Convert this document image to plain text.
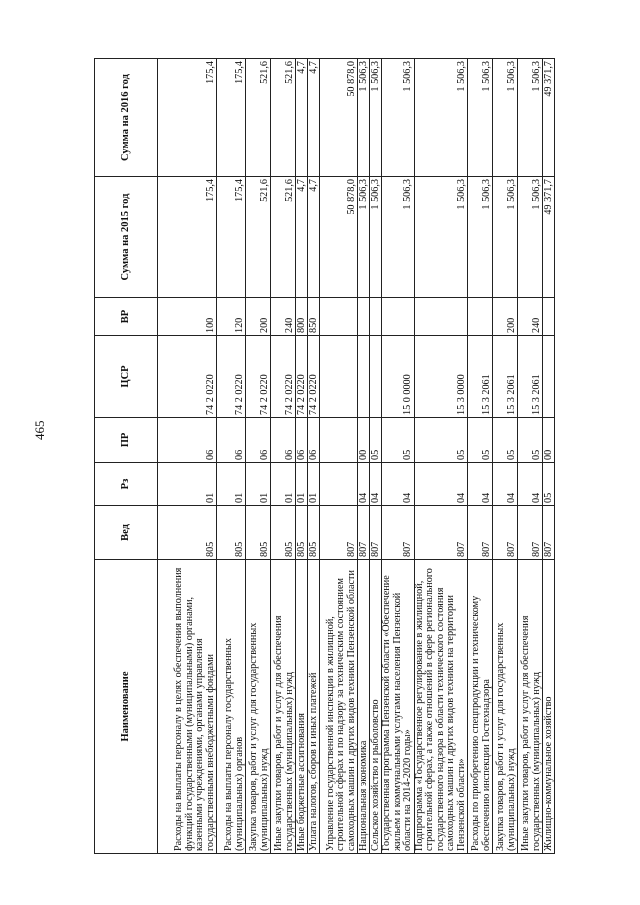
465
Наименование	Вед	Рз	ПР	ЦСР	ВР	Сумма на 2015 год	Сумма на 2016 год
Расходы на выплаты персоналу в целях обеспечения выполнения функций государственными (муниципальными) органами, казенными учреждениями, органами управления государственными внебюджетными фондами	805	01	06	74 2 0220	100	175,4	175,4
Расходы на выплаты персоналу государственных (муниципальных) органов	805	01	06	74 2 0220	120	175,4	175,4
Закупка товаров, работ и услуг для государственных (муниципальных) нужд	805	01	06	74 2 0220	200	521,6	521,6
Иные закупки товаров, работ и услуг для обеспечения государственных (муниципальных) нужд	805	01	06	74 2 0220	240	521,6	521,6
Иные бюджетные ассигнования	805	01	06	74 2 0220	800	4,7	4,7
Уплата налогов, сборов и иных платежей	805	01	06	74 2 0220	850	4,7	4,7
Управление государственной инспекции в жилищной, строительной сферах и по надзору за техническим состоянием самоходных машин и других видов техники Пензенской области	807					50 878,0	50 878,0
Национальная экономика	807	04	00			1 506,3	1 506,3
Сельское хозяйство и рыболовство	807	04	05			1 506,3	1 506,3
Государственная программа Пензенской области «Обеспечение жильем и коммунальными услугами населения Пензенской области на 2014-2020 годы»	807	04	05	15 0 0000		1 506,3	1 506,3
Подпрограмма «Государственное регулирование в жилищной, строительной сферах, а также отношений в сфере регионального государственного надзора в области технического состояния самоходных машин и других видов техники на территории Пензенской области»	807	04	05	15 3 0000		1 506,3	1 506,3
Расходы по приобретению спецпродукции и техническому обеспечению инспекции Гостехнадзора	807	04	05	15 3 2061		1 506,3	1 506,3
Закупка товаров, работ и услуг для государственных (муниципальных) нужд	807	04	05	15 3 2061	200	1 506,3	1 506,3
Иные закупки товаров, работ и услуг для обеспечения государственных (муниципальных) нужд	807	04	05	15 3 2061	240	1 506,3	1 506,3
Жилищно-коммунальное хозяйство	807	05	00			49 371,7	49 371,7
